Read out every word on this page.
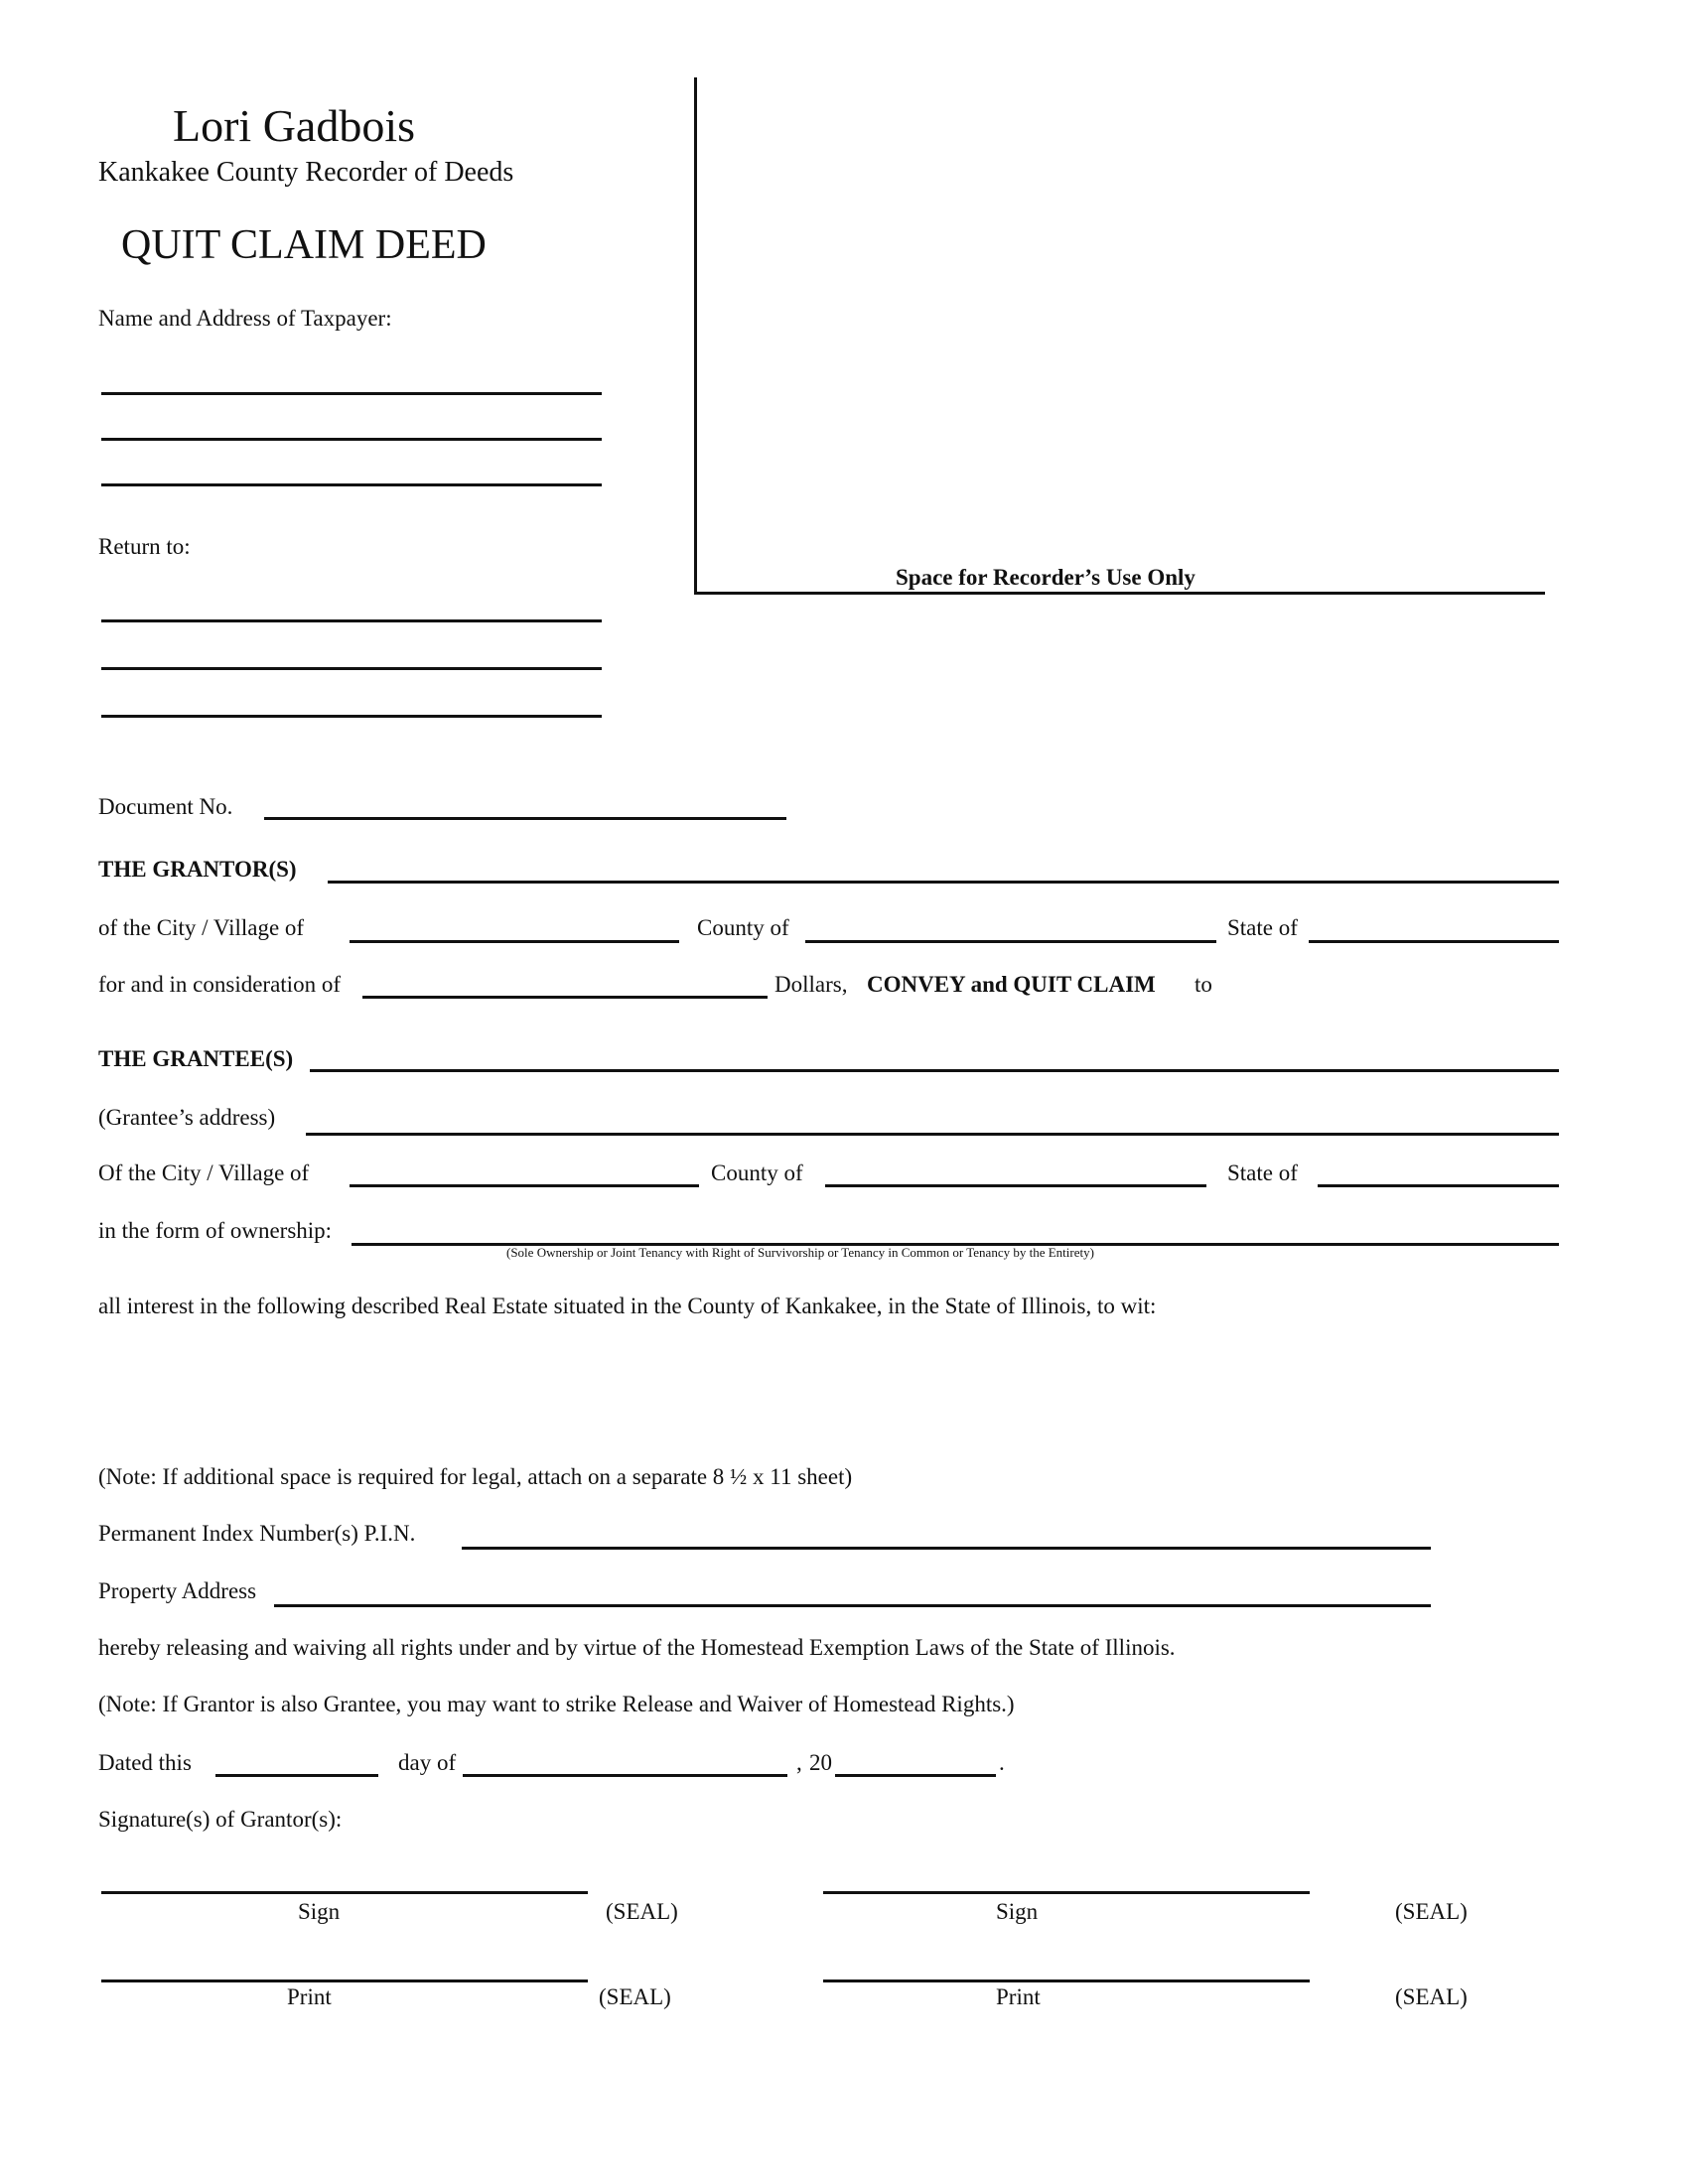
Lori Gadbois
Kankakee County Recorder of Deeds
QUIT CLAIM DEED
Name and Address of Taxpayer:
Return to:
Space for Recorder’s Use Only
Document No.
THE GRANTOR(S)
of the City / Village of	County of	State of
for and in consideration of	Dollars, CONVEY and QUIT CLAIM to
THE GRANTEE(S)
(Grantee’s address)
Of the City / Village of	County of	State of
in the form of ownership:
(Sole Ownership or Joint Tenancy with Right of Survivorship or Tenancy in Common or Tenancy by the Entirety)
all interest in the following described Real Estate situated in the County of Kankakee, in the State of Illinois, to wit:
(Note: If additional space is required for legal, attach on a separate 8 ½ x 11 sheet)
Permanent Index Number(s) P.I.N.
Property Address
hereby releasing and waiving all rights under and by virtue of the Homestead Exemption Laws of the State of Illinois.
(Note: If Grantor is also Grantee, you may want to strike Release and Waiver of Homestead Rights.)
Dated this	day of	, 20	.
Signature(s) of Grantor(s):
Sign	(SEAL)	Sign	(SEAL)
Print	(SEAL)	Print	(SEAL)
